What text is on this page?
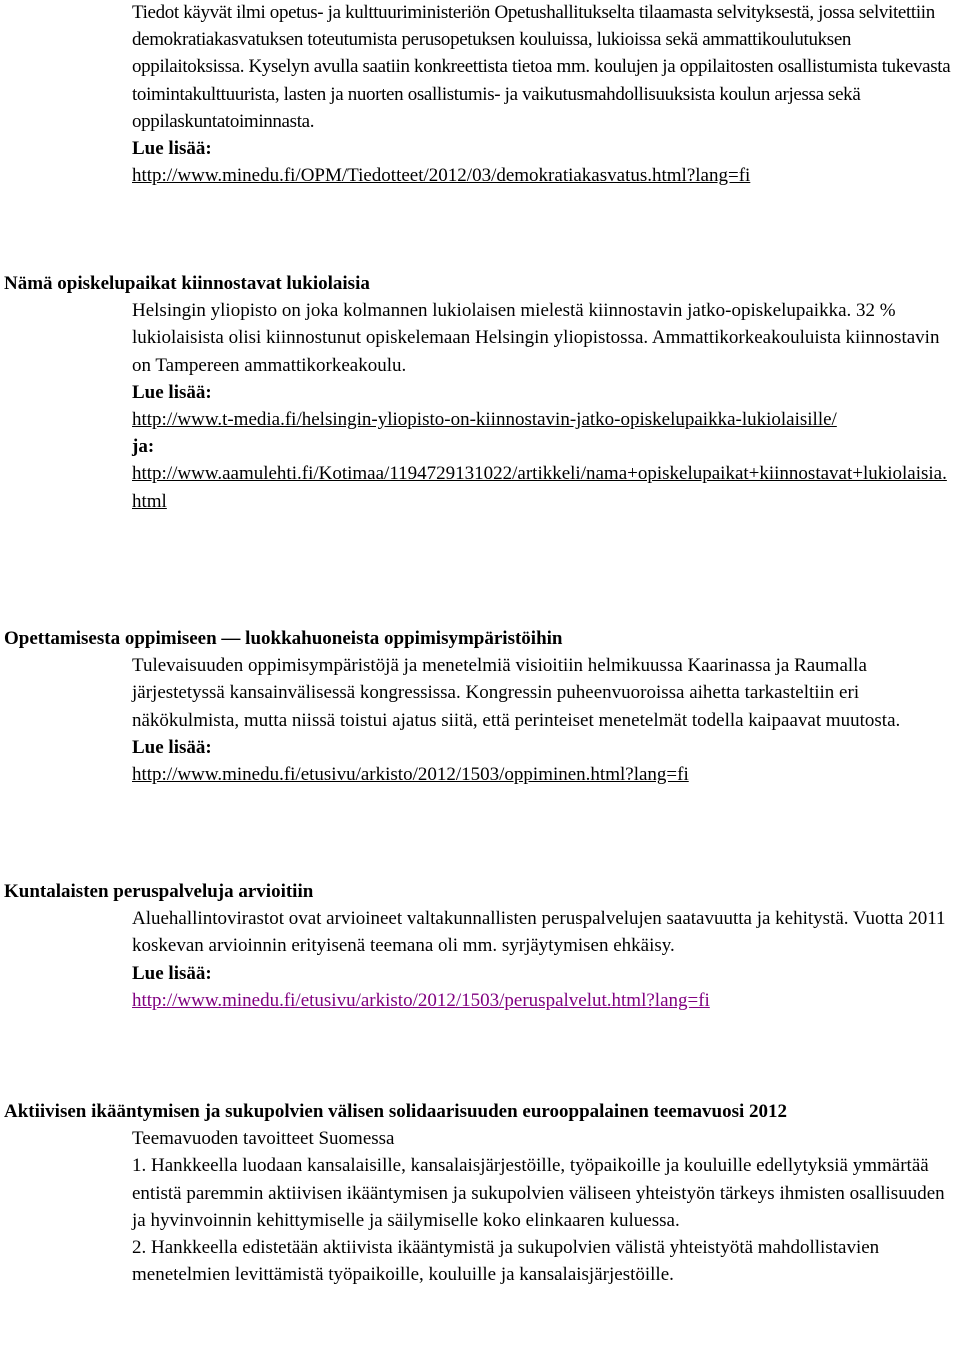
Tiedot käyvät ilmi opetus- ja kulttuuriministeriön Opetushallitukselta tilaamasta selvityksestä, jossa selvitettiin demokratiakasvatuksen toteutumista perusopetuksen kouluissa, lukioissa sekä ammattikoulutuksen oppilaitoksissa. Kyselyn avulla saatiin konkreettista tietoa mm. koulujen ja oppilaitosten osallistumista tukevasta toimintakulttuurista, lasten ja nuorten osallistumis- ja vaikutusmahdollisuuksista koulun arjessa sekä oppilaskuntatoiminnasta.
Lue lisää:
http://www.minedu.fi/OPM/Tiedotteet/2012/03/demokratiakasvatus.html?lang=fi
Nämä opiskelupaikat kiinnostavat lukiolaisia
Helsingin yliopisto on joka kolmannen lukiolaisen mielestä kiinnostavin jatko-opiskelupaikka. 32 % lukiolaisista olisi kiinnostunut opiskelemaan Helsingin yliopistossa. Ammattikorkeakouluista kiinnostavin on Tampereen ammattikorkeakoulu.
Lue lisää:
http://www.t-media.fi/helsingin-yliopisto-on-kiinnostavin-jatko-opiskelupaikka-lukiolaisille/
ja:
http://www.aamulehti.fi/Kotimaa/1194729131022/artikkeli/nama+opiskelupaikat+kiinnostavat+lukiolaisia.html
Opettamisesta oppimiseen — luokkahuoneista oppimisympäristöihin
Tulevaisuuden oppimisympäristöjä ja menetelmiä visioitiin helmikuussa Kaarinassa ja Raumalla järjestetyssä kansainvälisessä kongressissa. Kongressin puheenvuoroissa aihetta tarkasteltiin eri näkökulmista, mutta niissä toistui ajatus siitä, että perinteiset menetelmät todella kaipaavat muutosta.
Lue lisää:
http://www.minedu.fi/etusivu/arkisto/2012/1503/oppiminen.html?lang=fi
Kuntalaisten peruspalveluja arvioitiin
Aluehallintovirastot ovat arvioineet valtakunnallisten peruspalvelujen saatavuutta ja kehitystä. Vuotta 2011 koskevan arvioinnin erityisenä teemana oli mm. syrjäytymisen ehkäisy.
Lue lisää:
http://www.minedu.fi/etusivu/arkisto/2012/1503/peruspalvelut.html?lang=fi
Aktiivisen ikääntymisen ja sukupolvien välisen solidaarisuuden eurooppalainen teemavuosi 2012
Teemavuoden tavoitteet Suomessa
1. Hankkeella luodaan kansalaisille, kansalaisjärjestöille, työpaikoille ja kouluille edellytyksiä ymmärtää entistä paremmin aktiivisen ikääntymisen ja sukupolvien väliseen yhteistyön tärkeys ihmisten osallisuuden ja hyvinvoinnin kehittymiselle ja säilymiselle koko elinkaaren kuluessa.
2. Hankkeella edistetään aktiivista ikääntymistä ja sukupolvien välistä yhteistyötä mahdollistavien menetelmien levittämistä työpaikoille, kouluille ja kansalaisjärjestöille.
